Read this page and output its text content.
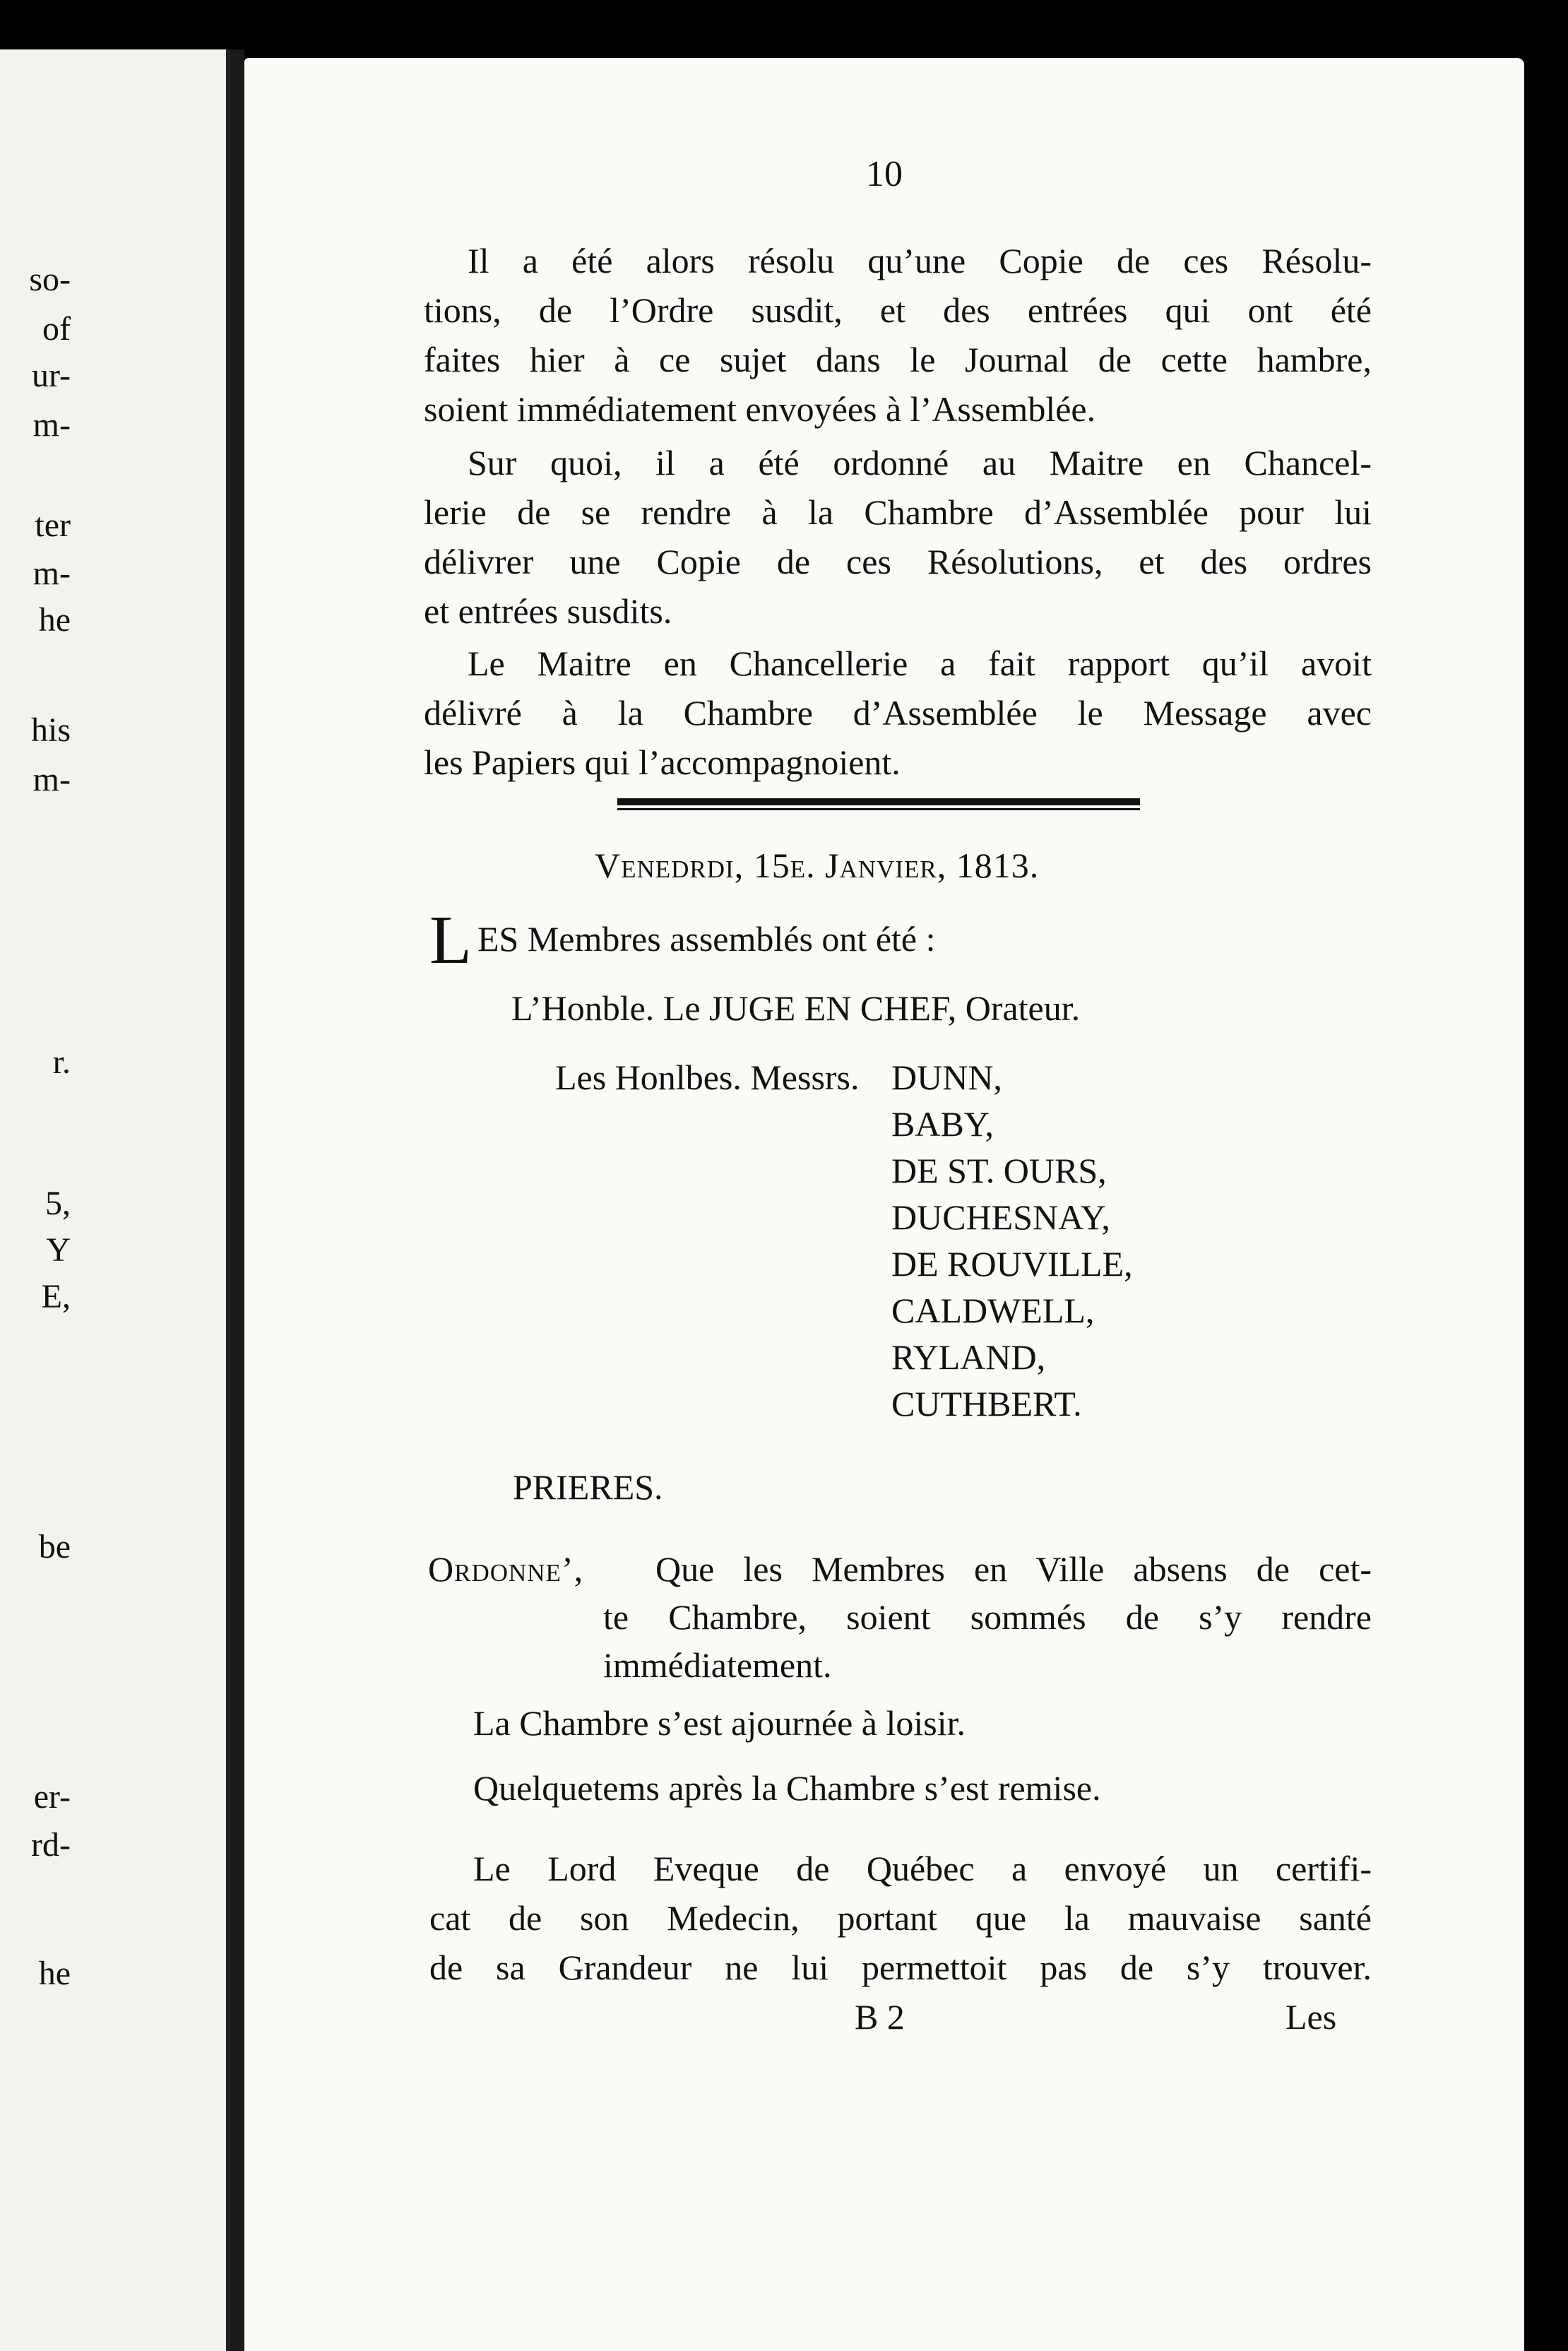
so-
of
ur-
m-
ter
m-
he
his
m-
r.
5,
Y
E,
be
er-
rd-
he
10
Il a été alors résolu qu’une Copie de ces Résolu-
tions, de l’Ordre susdit, et des entrées qui ont été
faites hier à ce sujet dans le Journal de cette hambre,
soient immédiatement envoyées à l’Assemblée.
Sur quoi, il a été ordonné au Maitre en Chancel-
lerie de se rendre à la Chambre d’Assemblée pour lui
délivrer une Copie de ces Résolutions, et des ordres
et entrées susdits.
Le Maitre en Chancellerie a fait rapport qu’il avoit
délivré à la Chambre d’Assemblée le Message avec
les Papiers qui l’accompagnoient.
Venedrdi, 15e. Janvier, 1813.
L ES Membres assemblés ont été :
L’Honble. Le JUGE EN CHEF, Orateur.
Les Honlbes. Messrs. DUNN,
BABY,
DE ST. OURS,
DUCHESNAY,
DE ROUVILLE,
CALDWELL,
RYLAND,
CUTHBERT.
PRIERES.
Ordonne’, Que les Membres en Ville absens de cet-
te Chambre, soient sommés de s’y rendre
immédiatement.
La Chambre s’est ajournée à loisir.
Quelquetems après la Chambre s’est remise.
Le Lord Eveque de Québec a envoyé un certifi-
cat de son Medecin, portant que la mauvaise santé
de sa Grandeur ne lui permettoit pas de s’y trouver.
B 2	Les
